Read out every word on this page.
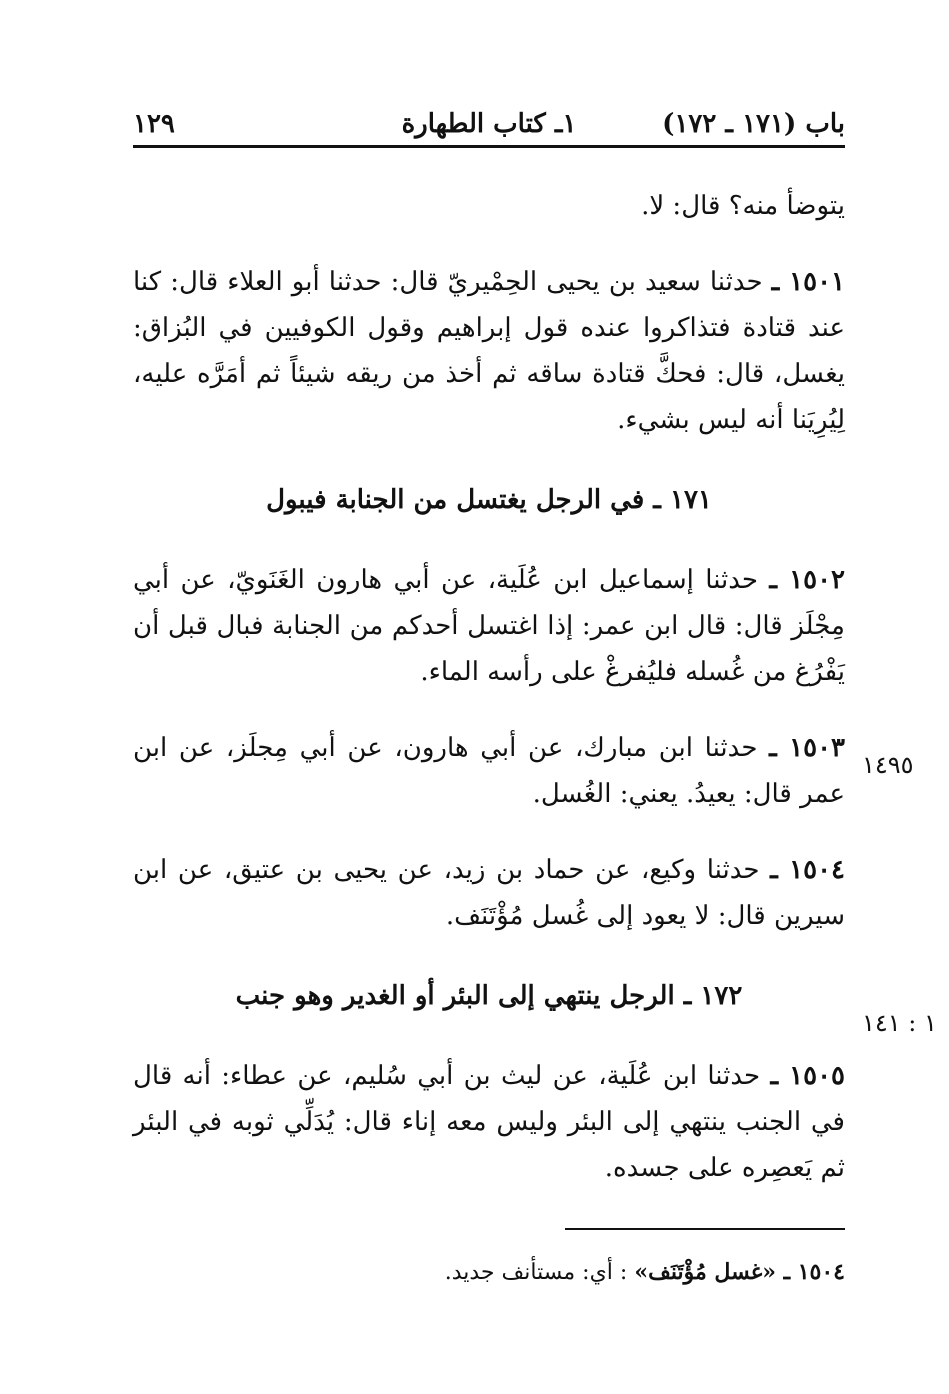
باب (١٧١ ـ ١٧٢)
١ـ كتاب الطهارة
١٢٩

يتوضأ منه؟ قال: لا.

١٥٠١ ـ حدثنا سعيد بن يحيى الحِمْيريّ قال: حدثنا أبو العلاء قال: كنا عند قتادة فتذاكروا عنده قول إبراهيم وقول الكوفيين في البُزاق: يغسل، قال: فحكَّ قتادة ساقه ثم أخذ من ريقه شيئاً ثم أمَرَّه عليه، لِيُرِيَنا أنه ليس بشيء.

١٧١ ـ في الرجل يغتسل من الجنابة فيبول

١٥٠٢ ـ حدثنا إسماعيل ابن عُلَية، عن أبي هارون الغَنَويّ، عن أبي مِجْلَز قال: قال ابن عمر: إذا اغتسل أحدكم من الجنابة فبال قبل أن يَفْرُغ من غُسله فليُفرغْ على رأسه الماء.

١٥٠٣ ـ حدثنا ابن مبارك، عن أبي هارون، عن أبي مِجلَز، عن ابن عمر قال: يعيدُ. يعني: الغُسل.

١٥٠٤ ـ حدثنا وكيع، عن حماد بن زيد، عن يحيى بن عتيق، عن ابن سيرين قال: لا يعود إلى غُسل مُؤْتَنَف.

١٧٢ ـ الرجل ينتهي إلى البئر أو الغدير وهو جنب

١٥٠٥ ـ حدثنا ابن عُلَية، عن ليث بن أبي سُليم، عن عطاء: أنه قال في الجنب ينتهي إلى البئر وليس معه إناء قال: يُدَلِّي ثوبه في البئر ثم يَعصِره على جسده.

١٤٩٥
١ : ١٤١
١٥٠٤ ـ «غسل مُؤْتَنَف» : أي: مستأنف جديد.
